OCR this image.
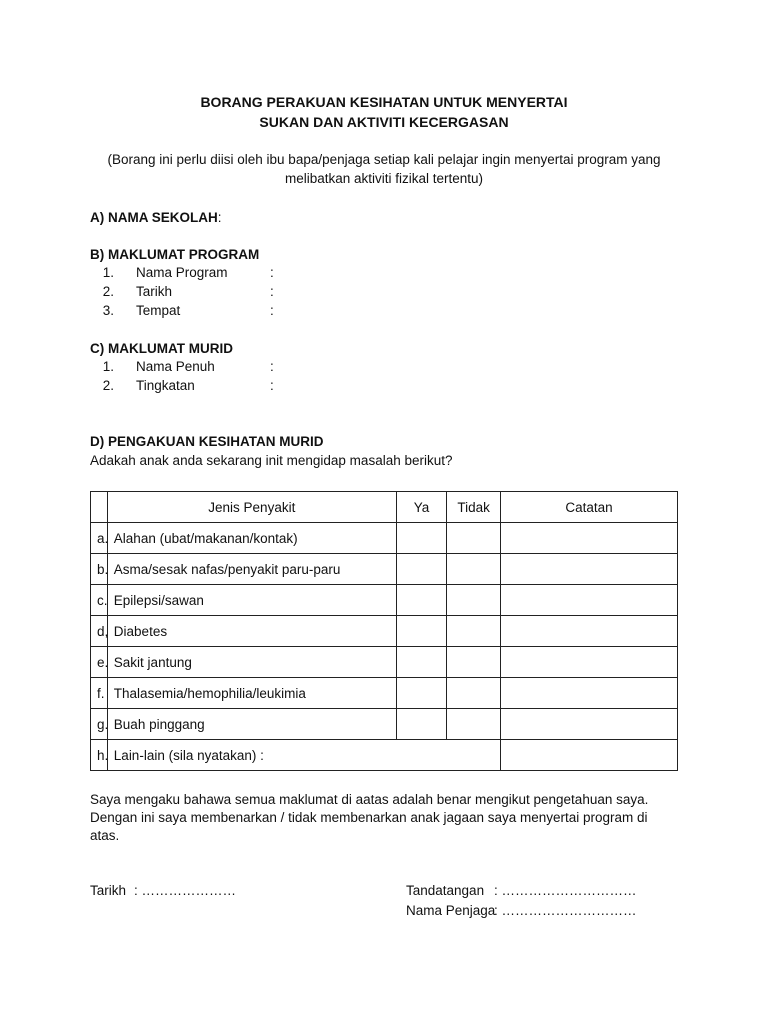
BORANG PERAKUAN KESIHATAN UNTUK MENYERTAI
SUKAN DAN AKTIVITI KECERGASAN
(Borang ini perlu diisi oleh ibu bapa/penjaga setiap kali pelajar ingin menyertai program yang
melibatkan aktiviti fizikal tertentu)
A) NAMA SEKOLAH:
B) MAKLUMAT PROGRAM
1. Nama Program	:
2. Tarikh	:
3. Tempat	:
C) MAKLUMAT MURID
1. Nama Penuh	:
2. Tingkatan	:
D) PENGAKUAN KESIHATAN MURID
Adakah anak anda sekarang init mengidap masalah berikut?
	Jenis Penyakit	Ya	Tidak	Catatan
a.	Alahan (ubat/makanan/kontak)			
b.	Asma/sesak nafas/penyakit paru-paru			
c.	Epilepsi/sawan			
d,	Diabetes			
e.	Sakit jantung			
f.	Thalasemia/hemophilia/leukimia			
g.	Buah pinggang			
h.	Lain-lain (sila nyatakan) :			
Saya mengaku bahawa semua maklumat di aatas adalah benar mengikut pengetahuan saya.
Dengan ini saya membenarkan / tidak membenarkan anak jagaan saya menyertai program di
atas.
Tarikh : …………………	Tandatangan : …………………………
Nama Penjaga
: …………………………
